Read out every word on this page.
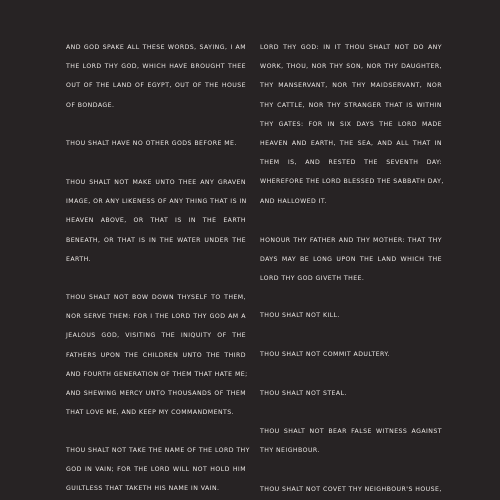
AND GOD SPAKE ALL THESE WORDS, SAYING, I AM
THE LORD THY GOD, WHICH HAVE BROUGHT THEE
OUT OF THE LAND OF EGYPT, OUT OF THE HOUSE
OF BONDAGE.

THOU SHALT HAVE NO OTHER GODS BEFORE ME.

THOU SHALT NOT MAKE UNTO THEE ANY GRAVEN
IMAGE, OR ANY LIKENESS OF ANY THING THAT IS IN
HEAVEN ABOVE, OR THAT IS IN THE EARTH
BENEATH, OR THAT IS IN THE WATER UNDER THE
EARTH.

THOU SHALT NOT BOW DOWN THYSELF TO THEM,
NOR SERVE THEM: FOR I THE LORD THY GOD AM A
JEALOUS GOD, VISITING THE INIQUITY OF THE
FATHERS UPON THE CHILDREN UNTO THE THIRD
AND FOURTH GENERATION OF THEM THAT HATE ME;
AND SHEWING MERCY UNTO THOUSANDS OF THEM
THAT LOVE ME, AND KEEP MY COMMANDMENTS.

THOU SHALT NOT TAKE THE NAME OF THE LORD THY
GOD IN VAIN; FOR THE LORD WILL NOT HOLD HIM
GUILTLESS THAT TAKETH HIS NAME IN VAIN.

LORD THY GOD: IN IT THOU SHALT NOT DO ANY
WORK, THOU, NOR THY SON, NOR THY DAUGHTER,
THY MANSERVANT, NOR THY MAIDSERVANT, NOR
THY CATTLE, NOR THY STRANGER THAT IS WITHIN
THY GATES: FOR IN SIX DAYS THE LORD MADE
HEAVEN AND EARTH, THE SEA, AND ALL THAT IN
THEM IS, AND RESTED THE SEVENTH DAY:
WHEREFORE THE LORD BLESSED THE SABBATH DAY,
AND HALLOWED IT.

HONOUR THY FATHER AND THY MOTHER: THAT THY
DAYS MAY BE LONG UPON THE LAND WHICH THE
LORD THY GOD GIVETH THEE.

THOU SHALT NOT KILL.

THOU SHALT NOT COMMIT ADULTERY.

THOU SHALT NOT STEAL.

THOU SHALT NOT BEAR FALSE WITNESS AGAINST
THY NEIGHBOUR.

THOU SHALT NOT COVET THY NEIGHBOUR'S HOUSE,
